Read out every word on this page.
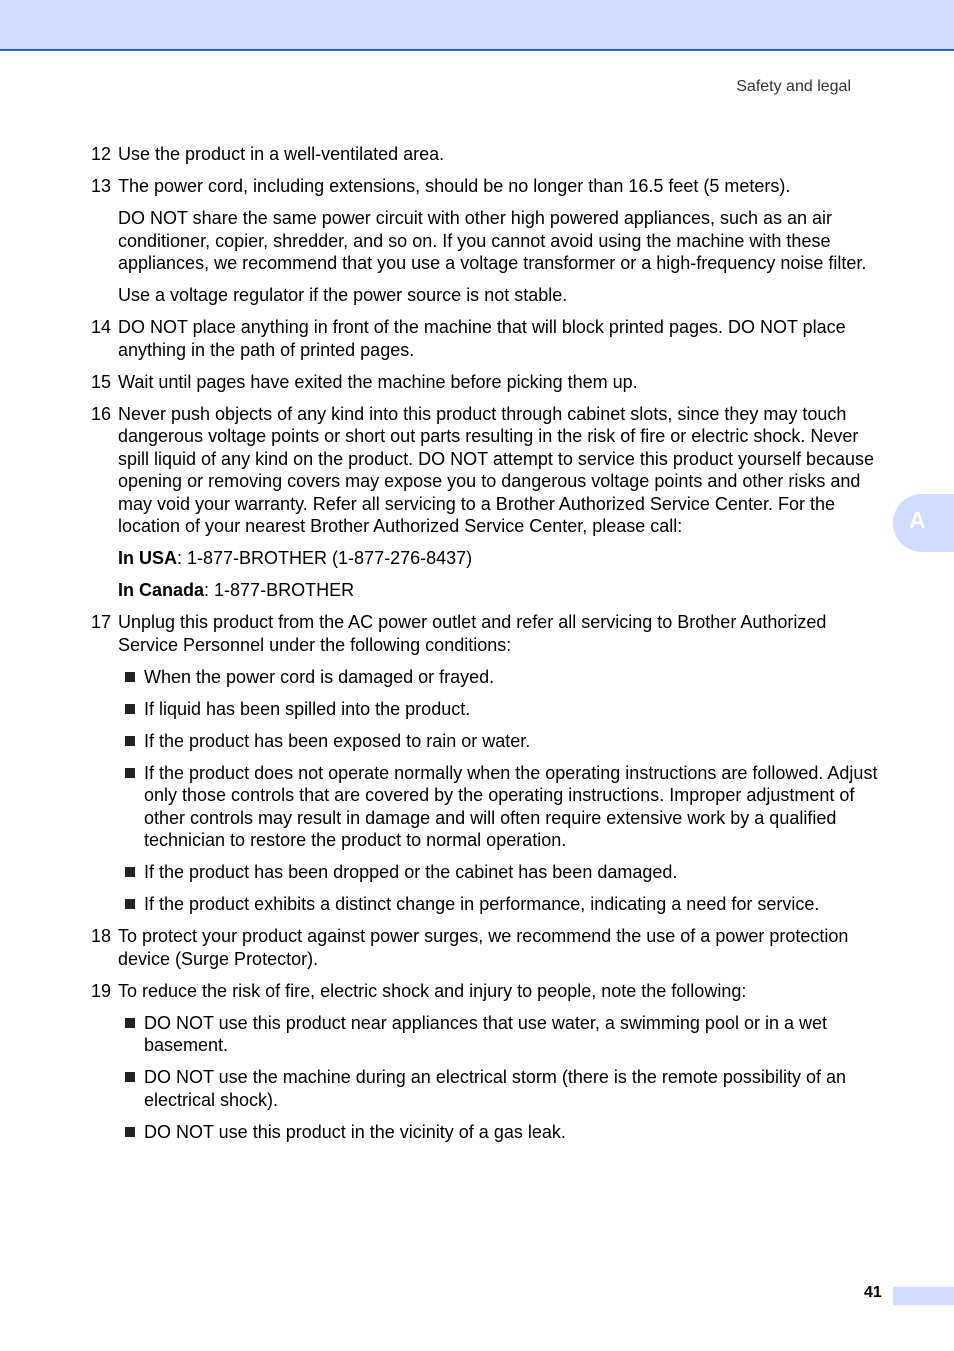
Safety and legal
12 Use the product in a well-ventilated area.
13 The power cord, including extensions, should be no longer than 16.5 feet (5 meters).
DO NOT share the same power circuit with other high powered appliances, such as an air conditioner, copier, shredder, and so on. If you cannot avoid using the machine with these appliances, we recommend that you use a voltage transformer or a high-frequency noise filter.
Use a voltage regulator if the power source is not stable.
14 DO NOT place anything in front of the machine that will block printed pages. DO NOT place anything in the path of printed pages.
15 Wait until pages have exited the machine before picking them up.
16 Never push objects of any kind into this product through cabinet slots, since they may touch dangerous voltage points or short out parts resulting in the risk of fire or electric shock. Never spill liquid of any kind on the product. DO NOT attempt to service this product yourself because opening or removing covers may expose you to dangerous voltage points and other risks and may void your warranty. Refer all servicing to a Brother Authorized Service Center. For the location of your nearest Brother Authorized Service Center, please call:
In USA: 1-877-BROTHER (1-877-276-8437)
In Canada: 1-877-BROTHER
17 Unplug this product from the AC power outlet and refer all servicing to Brother Authorized Service Personnel under the following conditions:
When the power cord is damaged or frayed.
If liquid has been spilled into the product.
If the product has been exposed to rain or water.
If the product does not operate normally when the operating instructions are followed. Adjust only those controls that are covered by the operating instructions. Improper adjustment of other controls may result in damage and will often require extensive work by a qualified technician to restore the product to normal operation.
If the product has been dropped or the cabinet has been damaged.
If the product exhibits a distinct change in performance, indicating a need for service.
18 To protect your product against power surges, we recommend the use of a power protection device (Surge Protector).
19 To reduce the risk of fire, electric shock and injury to people, note the following:
DO NOT use this product near appliances that use water, a swimming pool or in a wet basement.
DO NOT use the machine during an electrical storm (there is the remote possibility of an electrical shock).
DO NOT use this product in the vicinity of a gas leak.
A
41
